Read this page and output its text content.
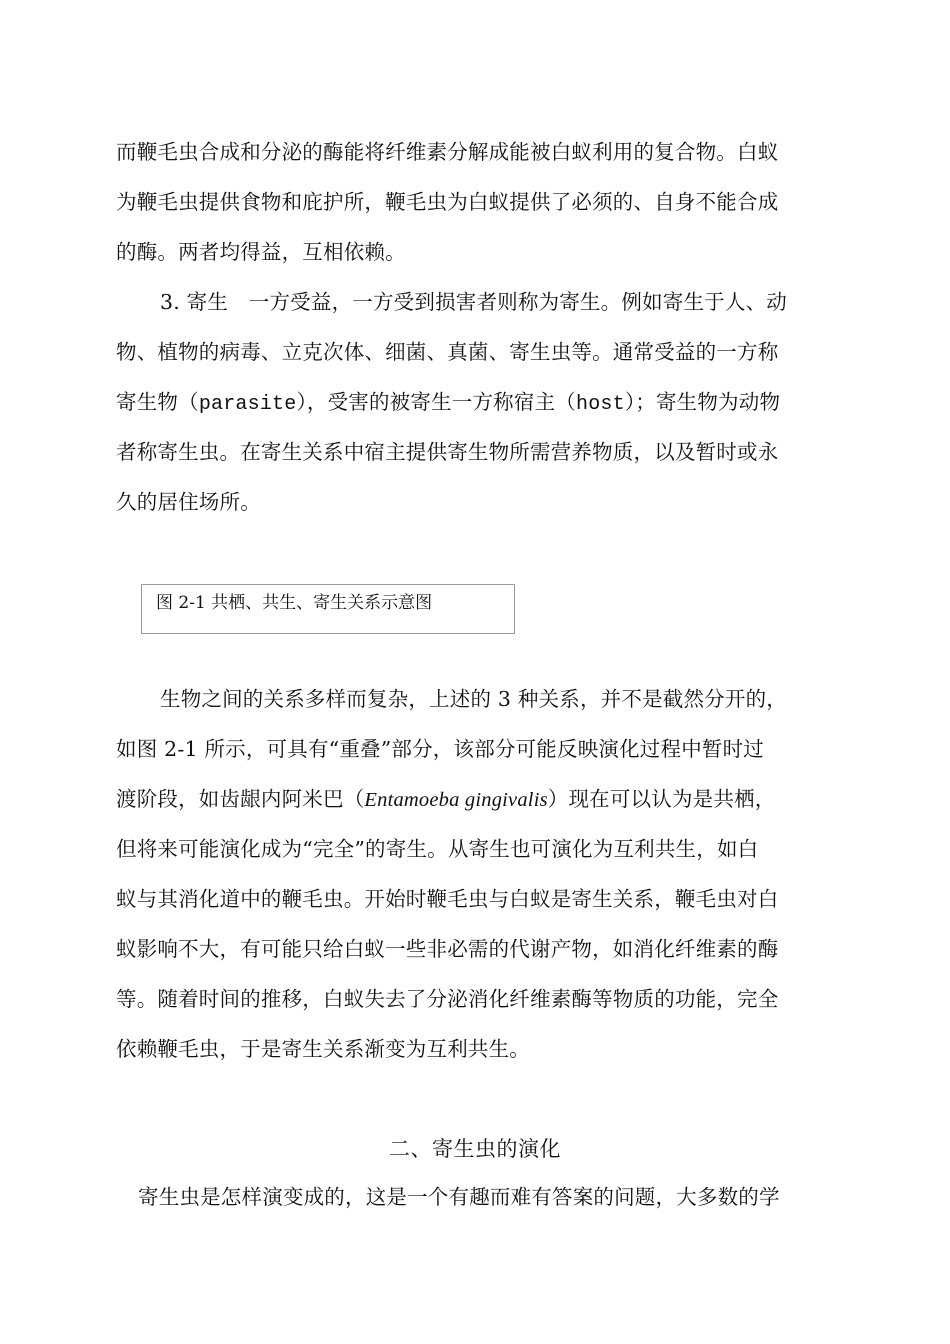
而鞭毛虫合成和分泌的酶能将纤维素分解成能被白蚁利用的复合物。白蚁
为鞭毛虫提供食物和庇护所，鞭毛虫为白蚁提供了必须的、自身不能合成
的酶。两者均得益，互相依赖。
3. 寄生　一方受益，一方受到损害者则称为寄生。例如寄生于人、动
物、植物的病毒、立克次体、细菌、真菌、寄生虫等。通常受益的一方称
寄生物（parasite），受害的被寄生一方称宿主（host）；寄生物为动物
者称寄生虫。在寄生关系中宿主提供寄生物所需营养物质，以及暂时或永
久的居住场所。
图 2-1 共栖、共生、寄生关系示意图
生物之间的关系多样而复杂，上述的 3 种关系，并不是截然分开的，
如图 2-1 所示，可具有“重叠”部分，该部分可能反映演化过程中暂时过
渡阶段，如齿龈内阿米巴（Entamoeba gingivalis）现在可以认为是共栖，
但将来可能演化成为“完全”的寄生。从寄生也可演化为互利共生，如白
蚁与其消化道中的鞭毛虫。开始时鞭毛虫与白蚁是寄生关系，鞭毛虫对白
蚁影响不大，有可能只给白蚁一些非必需的代谢产物，如消化纤维素的酶
等。随着时间的推移，白蚁失去了分泌消化纤维素酶等物质的功能，完全
依赖鞭毛虫，于是寄生关系渐变为互利共生。
二、寄生虫的演化
寄生虫是怎样演变成的，这是一个有趣而难有答案的问题，大多数的学
